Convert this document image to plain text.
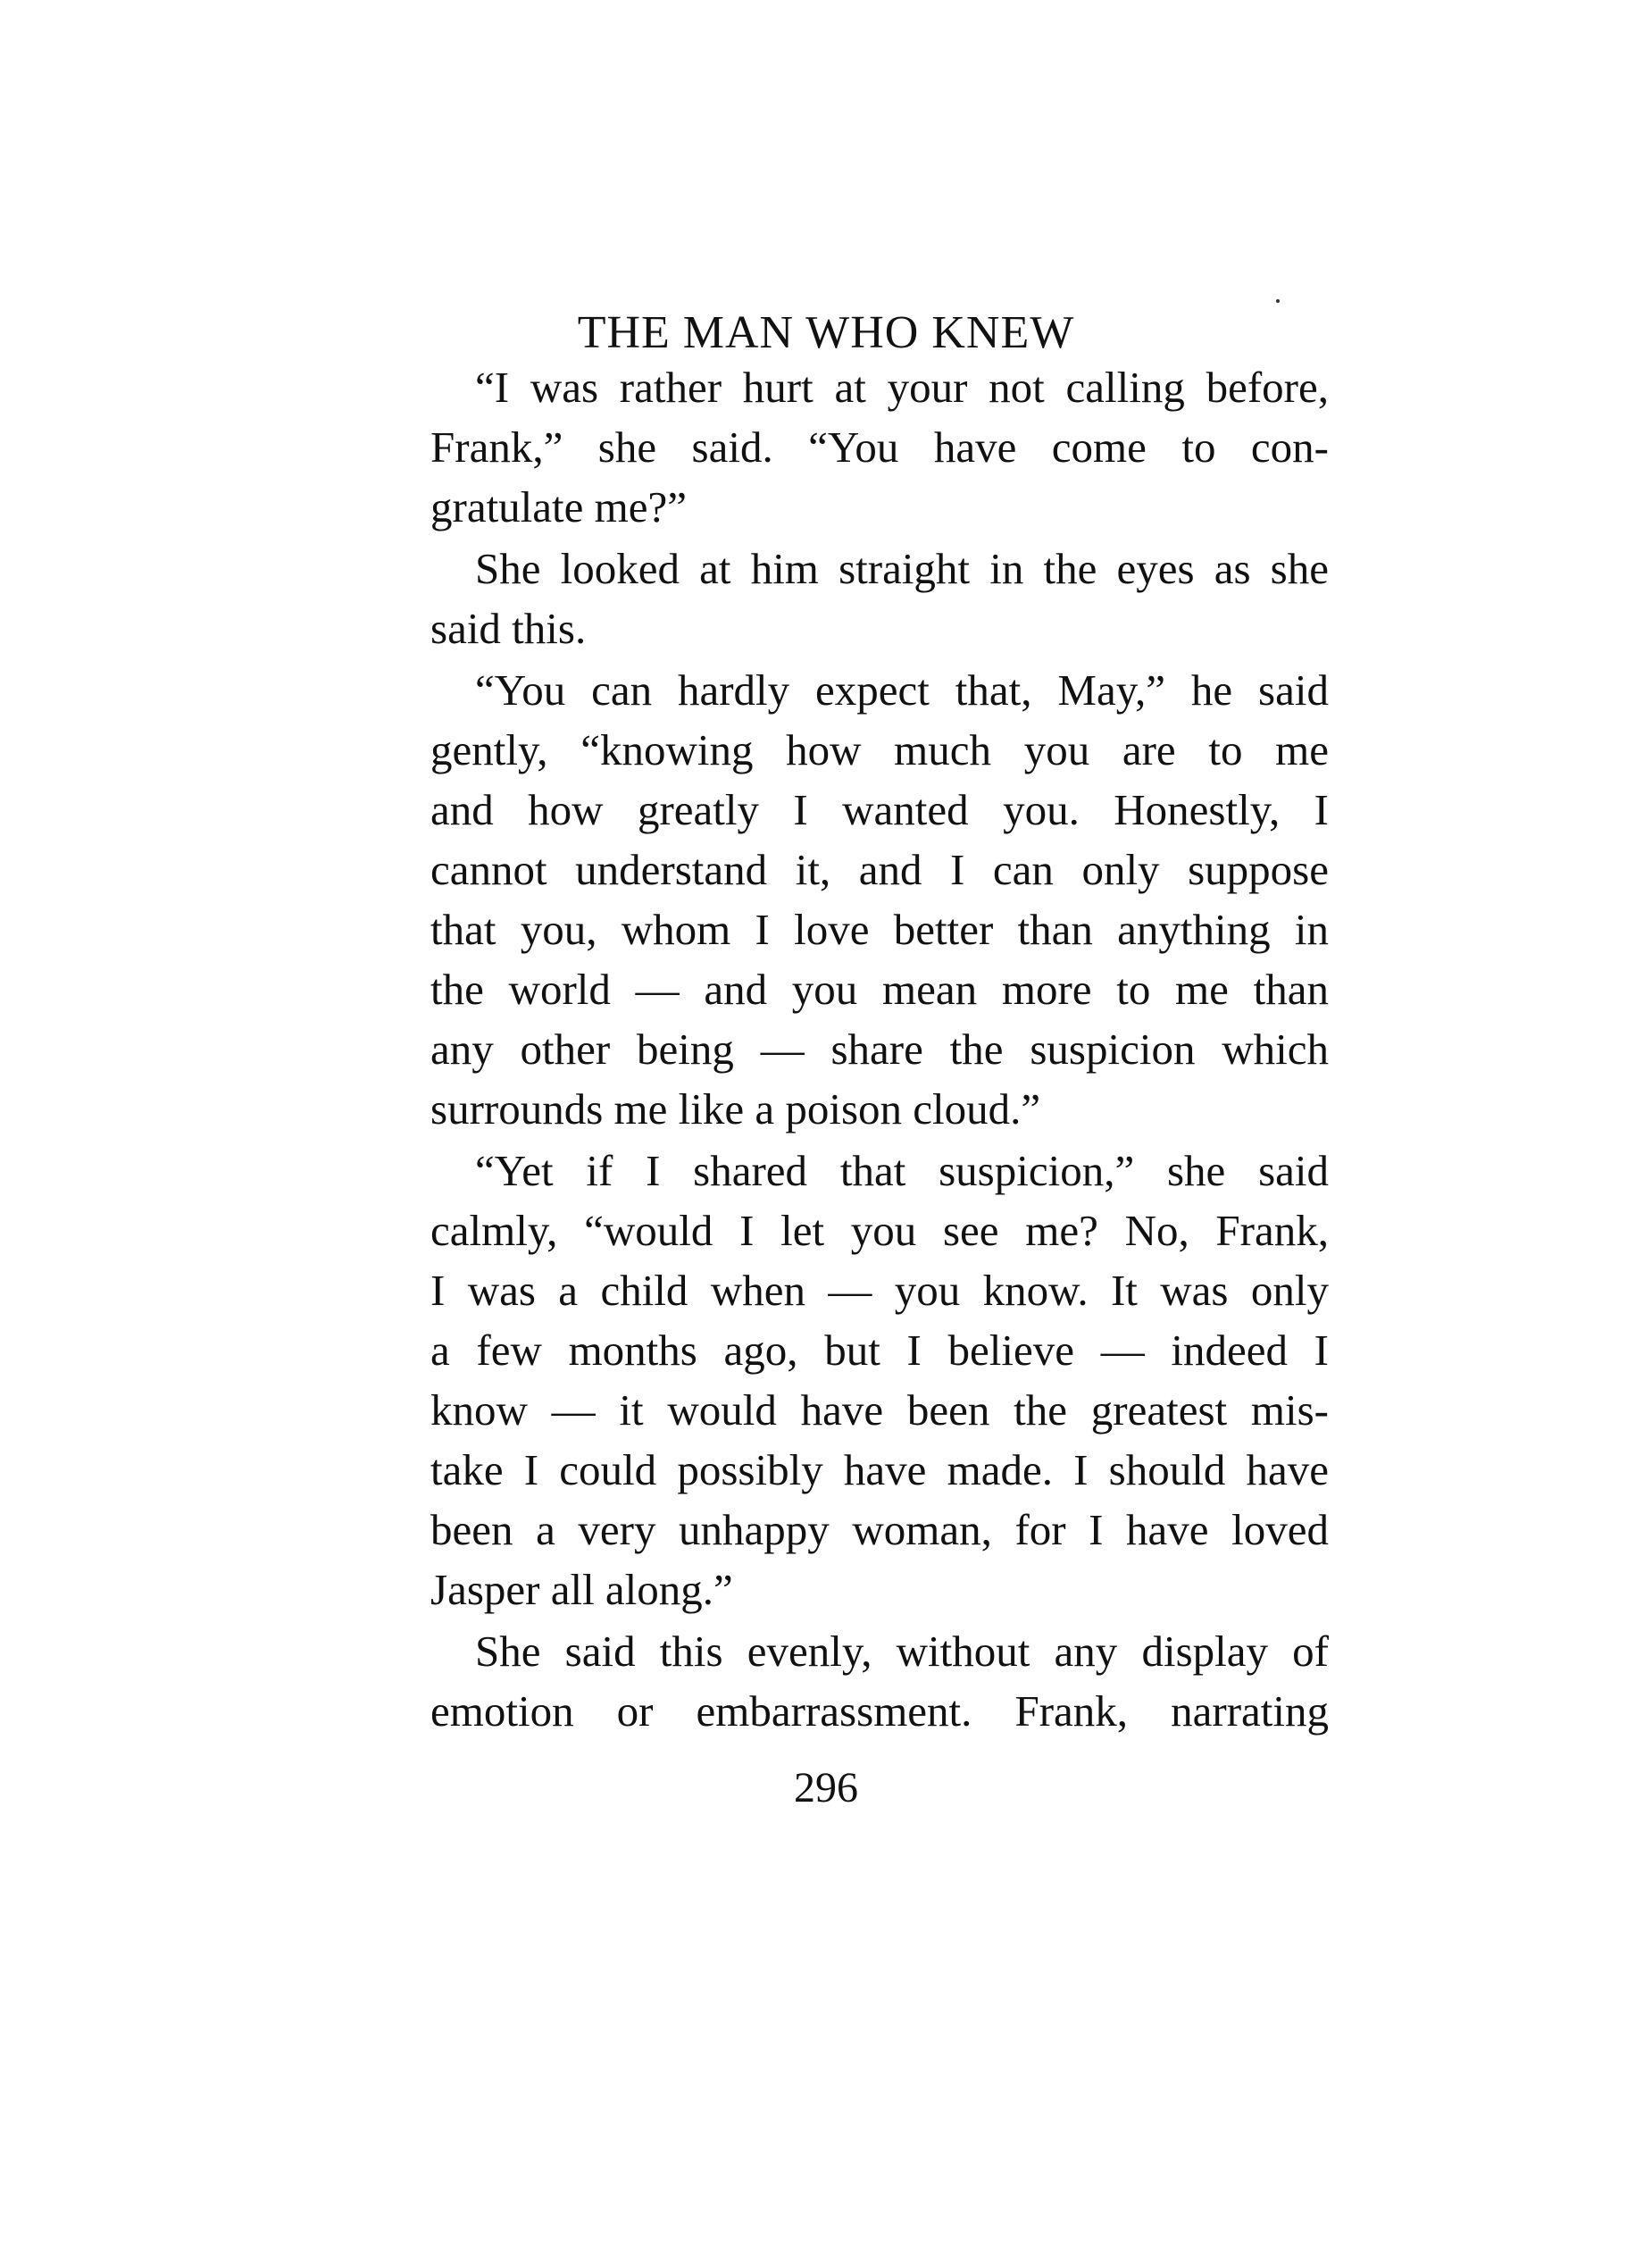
THE MAN WHO KNEW
“I was rather hurt at your not calling before,
Frank,” she said. “You have come to con-
gratulate me?”
She looked at him straight in the eyes as she
said this.
“You can hardly expect that, May,” he said
gently, “knowing how much you are to me
and how greatly I wanted you. Honestly, I
cannot understand it, and I can only suppose
that you, whom I love better than anything in
the world — and you mean more to me than
any other being — share the suspicion which
surrounds me like a poison cloud.”
“Yet if I shared that suspicion,” she said
calmly, “would I let you see me? No, Frank,
I was a child when — you know. It was only
a few months ago, but I believe — indeed I
know — it would have been the greatest mis-
take I could possibly have made. I should have
been a very unhappy woman, for I have loved
Jasper all along.”
She said this evenly, without any display of
emotion or embarrassment. Frank, narrating
296
